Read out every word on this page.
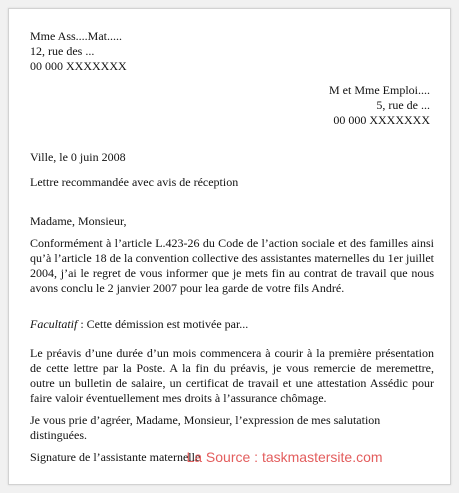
Mme Ass....Mat.....
12, rue des ...
00 000 XXXXXXX
M et Mme Emploi....
5, rue de ...
00 000 XXXXXXX
Ville, le 0 juin 2008
Lettre recommandée avec avis de réception
Madame, Monsieur,
Conformément à l’article L.423-26 du Code de l’action sociale et des familles ainsi qu’à l’article 18 de la convention collective des assistantes maternelles du 1er juillet 2004, j’ai le regret de vous informer que je mets fin au contrat de travail que nous avons conclu le 2 janvier 2007 pour lea garde de votre fils André.
Facultatif : Cette démission est motivée par...
Le préavis d’une durée d’un mois commencera à courir à la première présentation de cette lettre par la Poste. A la fin du préavis, je vous remercie de meremettre, outre un bulletin de salaire, un certificat de travail et une attestation Assédic pour faire valoir éventuellement mes droits à l’assurance chômage.
Je vous prie d’agréer, Madame, Monsieur, l’expression de mes salutation distinguées.
Signature de l’assistante maternelle
La Source : taskmastersite.com
